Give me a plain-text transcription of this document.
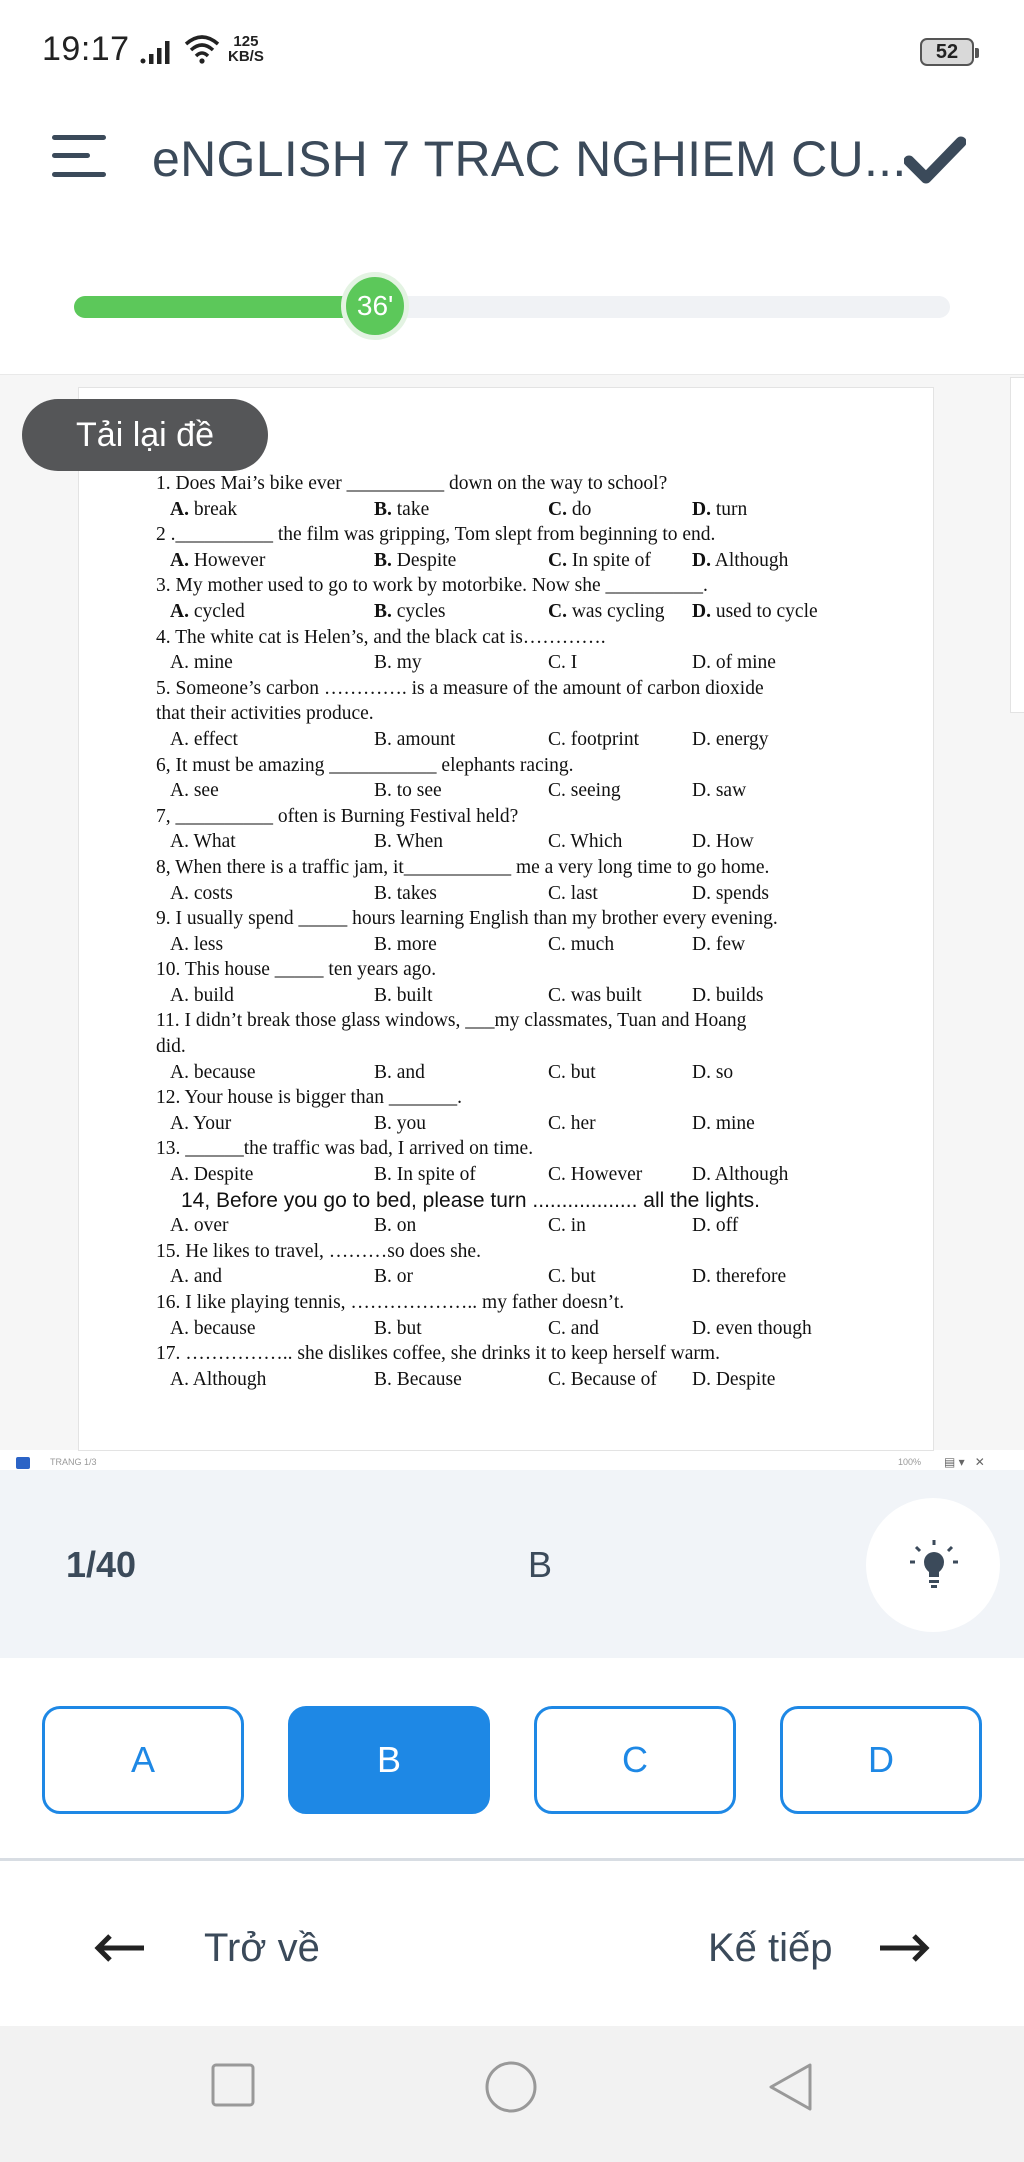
19:17	125
KB/S	52
eNGLISH 7 TRAC NGHIEM CU...
36'
1. Does Mai’s bike ever __________ down on the way to school?
A. break	B. take	C. do	D. turn
2 .__________ the film was gripping, Tom slept from beginning to end.
A. However	B. Despite	C. In spite of D. Although
3. My mother used to go to work by motorbike. Now she __________.
A. cycled	B. cycles	C. was cycling D. used to cycle
4. The white cat is Helen’s, and the black cat is………….
A. mine	B. my	C. I	D. of mine
5. Someone’s carbon …………. is a measure of the amount of carbon dioxide
that their activities produce.
A. effect	B. amount	C. footprint	D. energy
6, It must be amazing ___________ elephants racing.
A. see	B. to see	C. seeing	D. saw
7, __________ often is Burning Festival held?
A. What	B. When	C. Which	D. How
8, When there is a traffic jam, it___________ me a very long time to go home.
A. costs	B. takes	C. last	D. spends
9. I usually spend _____ hours learning English than my brother every evening.
A. less	B. more	C. much	D. few
10. This house _____ ten years ago.
A. build	B. built	C. was built	D. builds
11. I didn’t break those glass windows, ___my classmates, Tuan and Hoang
did.
A. because	B. and	C. but	D. so
12. Your house is bigger than _______.
A. Your	B. you	C. her	D. mine
13. ______the traffic was bad, I arrived on time.
A. Despite	B. In spite of	C. However	D. Although
14, Before you go to bed, please turn .................. all the lights.
A. over	B. on	C. in	D. off
15. He likes to travel, ………so does she.
A. and	B. or	C. but	D. therefore
16. I like playing tennis, ……………….. my father doesn’t.
A. because	B. but	C. and	D. even though
17. …………….. she dislikes coffee, she drinks it to keep herself warm.
A. Although	B. Because	C. Because of D. Despite
Tải lại đề
TRANG 1/3	100% ▤ ▾   ✕
1/40	B
A	B	C	D
Trở về	Kế tiếp
